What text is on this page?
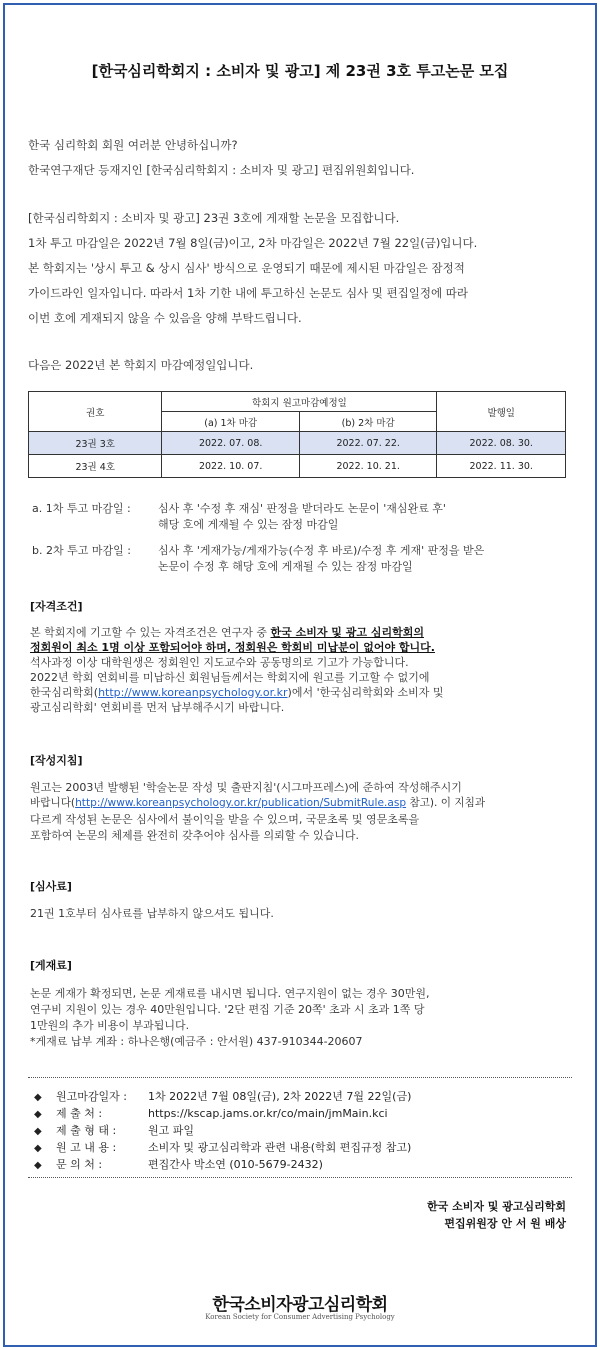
[한국심리학회지 : 소비자 및 광고] 제 23권 3호 투고논문 모집
한국 심리학회 회원 여러분 안녕하십니까?
한국연구재단 등재지인 [한국심리학회지 : 소비자 및 광고] 편집위원회입니다.
[한국심리학회지 : 소비자 및 광고] 23권 3호에 게재할 논문을 모집합니다.
1차 투고 마감일은 2022년 7월 8일(금)이고, 2차 마감일은 2022년 7월 22일(금)입니다.
본 학회지는 '상시 투고 & 상시 심사' 방식으로 운영되기 때문에 제시된 마감일은 잠정적
가이드라인 일자입니다. 따라서 1차 기한 내에 투고하신 논문도 심사 및 편집일정에 따라
이번 호에 게재되지 않을 수 있음을 양해 부탁드립니다.
다음은 2022년 본 학회지 마감예정일입니다.
권호	학회지 원고마감예정일		발행일
	(a) 1차 마감	(b) 2차 마감	
23권 3호	2022. 07. 08.	2022. 07. 22.	2022. 08. 30.
23권 4호	2022. 10. 07.	2022. 10. 21.	2022. 11. 30.
a. 1차 투고 마감일 : 심사 후 '수정 후 재심' 판정을 받더라도 논문이 '재심완료 후'
해당 호에 게재될 수 있는 잠정 마감일
b. 2차 투고 마감일 : 심사 후 '게재가능/게재가능(수정 후 바로)/수정 후 게재' 판정을 받은
논문이 수정 후 해당 호에 게재될 수 있는 잠정 마감일
[자격조건]
본 학회지에 기고할 수 있는 자격조건은 연구자 중 한국 소비자 및 광고 심리학회의
정회원이 최소 1명 이상 포함되어야 하며, 정회원은 학회비 미납분이 없어야 합니다.
석사과정 이상 대학원생은 정회원인 지도교수와 공동명의로 기고가 가능합니다.
2022년 학회 연회비를 미납하신 회원님들께서는 학회지에 원고를 기고할 수 없기에
한국심리학회(http://www.koreanpsychology.or.kr)에서 '한국심리학회와 소비자 및
광고심리학회' 연회비를 먼저 납부해주시기 바랍니다.
[작성지침]
원고는 2003년 발행된 '학술논문 작성 및 출판지침'(시그마프레스)에 준하여 작성해주시기
바랍니다(http://www.koreanpsychology.or.kr/publication/SubmitRule.asp 참고). 이 지침과
다르게 작성된 논문은 심사에서 불이익을 받을 수 있으며, 국문초록 및 영문초록을
포함하여 논문의 체제를 완전히 갖추어야 심사를 의뢰할 수 있습니다.
[심사료]
21권 1호부터 심사료를 납부하지 않으셔도 됩니다.
[게재료]
논문 게재가 확정되면, 논문 게재료를 내시면 됩니다. 연구지원이 없는 경우 30만원,
연구비 지원이 있는 경우 40만원입니다. '2단 편집 기준 20쪽' 초과 시 초과 1쪽 당
1만원의 추가 비용이 부과됩니다.
*게재료 납부 계좌 : 하나은행(예금주 : 안서원) 437-910344-20607
◆ 원고마감일자 : 1차 2022년 7월 08일(금), 2차 2022년 7월 22일(금)
◆ 제 출 처 :	https://kscap.jams.or.kr/co/main/jmMain.kci
◆ 제 출 형 태 :	원고 파일
◆ 원 고 내 용 :	소비자 및 광고심리학과 관련 내용(학회 편집규정 참고)
◆ 문 의 처 :	편집간사 박소연 (010-5679-2432)
한국 소비자 및 광고심리학회
편집위원장 안 서 원 배상
한국소비자광고심리학회
Korean Society for Consumer Advertising Psychology
